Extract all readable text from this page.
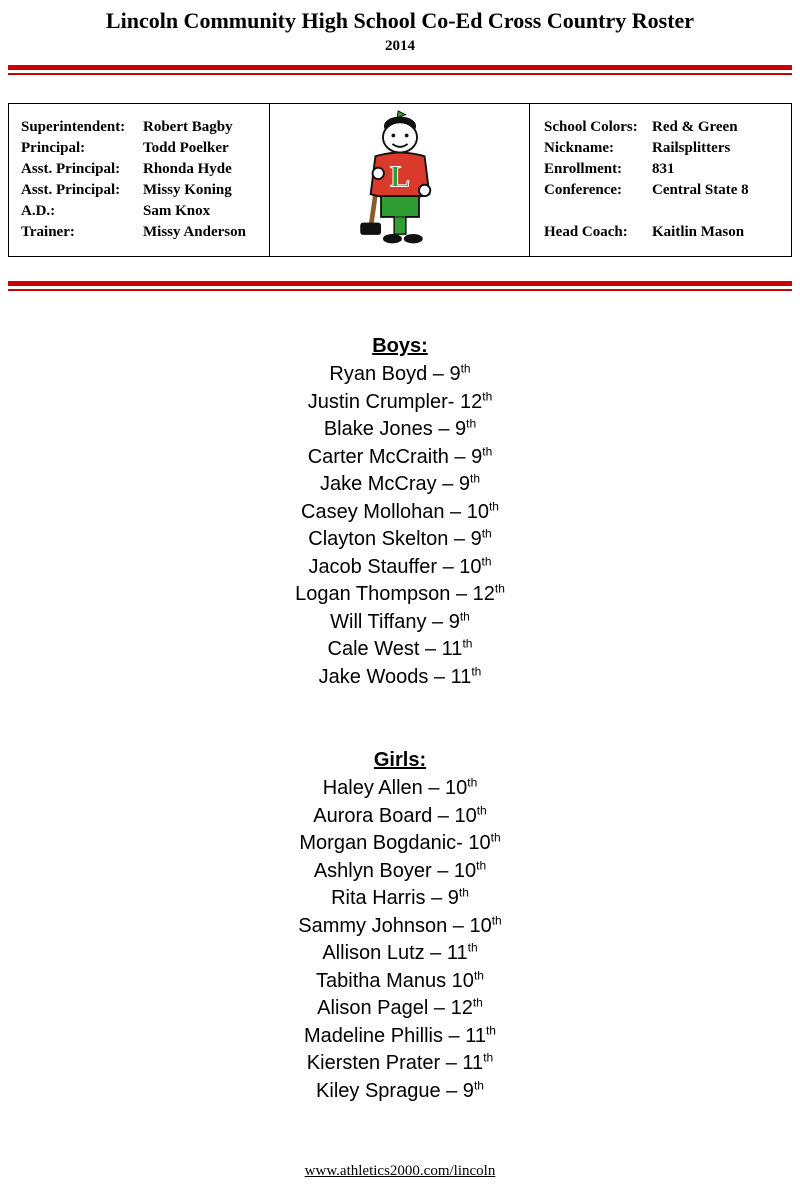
Lincoln Community High School Co-Ed Cross Country Roster
2014
Superintendent:	Robert Bagby
Principal:	Todd Poelker
Asst. Principal:	Rhonda Hyde
Asst. Principal:	Missy Koning
A.D.:	Sam Knox
Trainer:	Missy Anderson
L
School Colors: Red & Green
Nickname:	Railsplitters
Enrollment:	831
Conference:	Central State 8
Head Coach:	Kaitlin Mason
Boys:
Ryan Boyd – 9th
Justin Crumpler- 12th
Blake Jones – 9th
Carter McCraith – 9th
Jake McCray – 9th
Casey Mollohan – 10th
Clayton Skelton – 9th
Jacob Stauffer – 10th
Logan Thompson – 12th
Will Tiffany – 9th
Cale West – 11th
Jake Woods – 11th
Girls:
Haley Allen – 10th
Aurora Board – 10th
Morgan Bogdanic- 10th
Ashlyn Boyer – 10th
Rita Harris – 9th
Sammy Johnson – 10th
Allison Lutz – 11th
Tabitha Manus 10th
Alison Pagel – 12th
Madeline Phillis – 11th
Kiersten Prater – 11th
Kiley Sprague – 9th
www.athletics2000.com/lincoln
